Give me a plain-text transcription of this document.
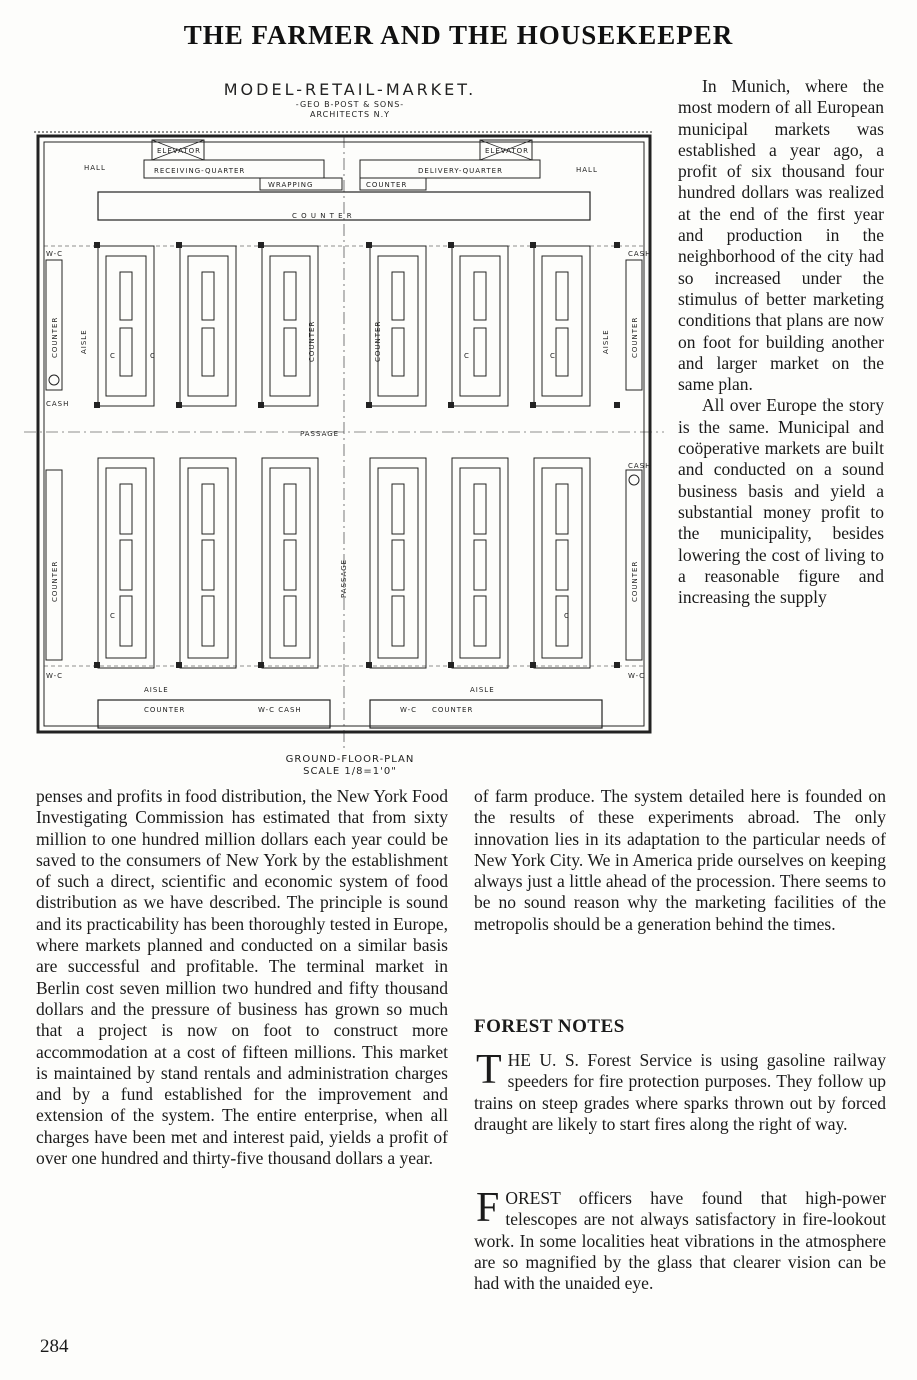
THE FARMER AND THE HOUSEKEEPER
MODEL-RETAIL-MARKET.
-GEO B-POST & SONS-
ARCHITECTS N.Y
HALL	HALL
RECEIVING-QUARTER	DELIVERY-QUARTER
ELEVATOR	ELEVATOR
WRAPPING	COUNTER
C O U N T E R
PASSAGE
AISLE	AISLE
COUNTER	W-C CASH	W-C COUNTER
W-C	CASH
CASH
CASH
W-C	W-C
COUNTER	COUNTER
COUNTER	COUNTER
AISLE	AISLE
COUNTER	COUNTER
PASSAGE
C	C	C	C
C	C
GROUND-FLOOR-PLAN
SCALE 1/8=1'0"

In Munich, where the most modern of all European municipal markets was established a year ago, a profit of six thousand four hundred dollars was realized at the end of the first year and production in the neighborhood of the city had so increased under the stimulus of better marketing conditions that plans are now on foot for building another and larger market on the same plan.

All over Europe the story is the same. Municipal and coöperative markets are built and conducted on a sound business basis and yield a substantial money profit to the municipality, besides lowering the cost of living to a reasonable figure and increasing the supply

penses and profits in food distribution, the New York Food Investigating Commission has estimated that from sixty million to one hundred million dollars each year could be saved to the consumers of New York by the establishment of such a direct, scientific and economic system of food distribution as we have described. The principle is sound and its practicability has been thoroughly tested in Europe, where markets planned and conducted on a similar basis are successful and profitable. The terminal market in Berlin cost seven million two hundred and fifty thousand dollars and the pressure of business has grown so much that a project is now on foot to construct more accommodation at a cost of fifteen millions. This market is maintained by stand rentals and administration charges and by a fund established for the improvement and extension of the system. The entire enterprise, when all charges have been met and interest paid, yields a profit of over one hundred and thirty-five thousand dollars a year.

of farm produce. The system detailed here is founded on the results of these experiments abroad. The only innovation lies in its adaptation to the particular needs of New York City. We in America pride ourselves on keeping always just a little ahead of the procession. There seems to be no sound reason why the marketing facilities of the metropolis should be a generation behind the times.

FOREST NOTES

THE U. S. Forest Service is using gasoline railway speeders for fire protection purposes. They follow up trains on steep grades where sparks thrown out by forced draught are likely to start fires along the right of way.

FOREST officers have found that high-power telescopes are not always satisfactory in fire-lookout work. In some localities heat vibrations in the atmosphere are so magnified by the glass that clearer vision can be had with the unaided eye.

284
